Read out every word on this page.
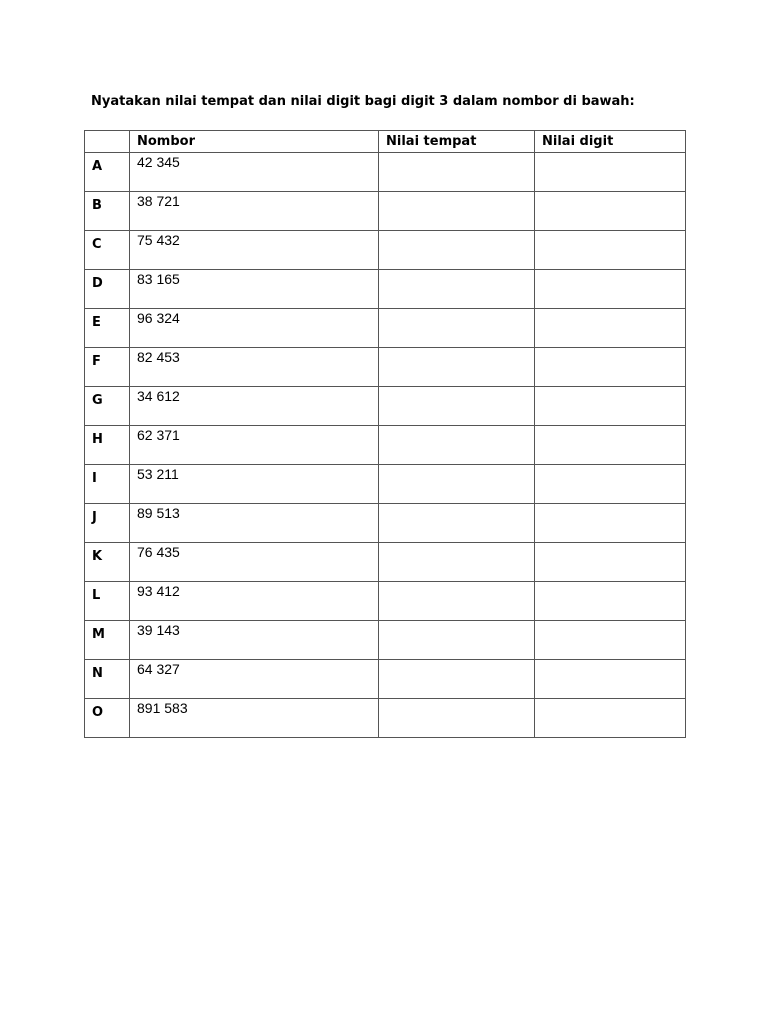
Nyatakan nilai tempat dan nilai digit bagi digit 3 dalam nombor di bawah:
	Nombor	Nilai tempat	Nilai digit
A	42 345		
B	38 721		
C	75 432		
D	83 165		
E	96 324		
F	82 453		
G	34 612		
H	62 371		
I	53 211		
J	89 513		
K	76 435		
L	93 412		
M	39 143		
N	64 327		
O	891 583		
